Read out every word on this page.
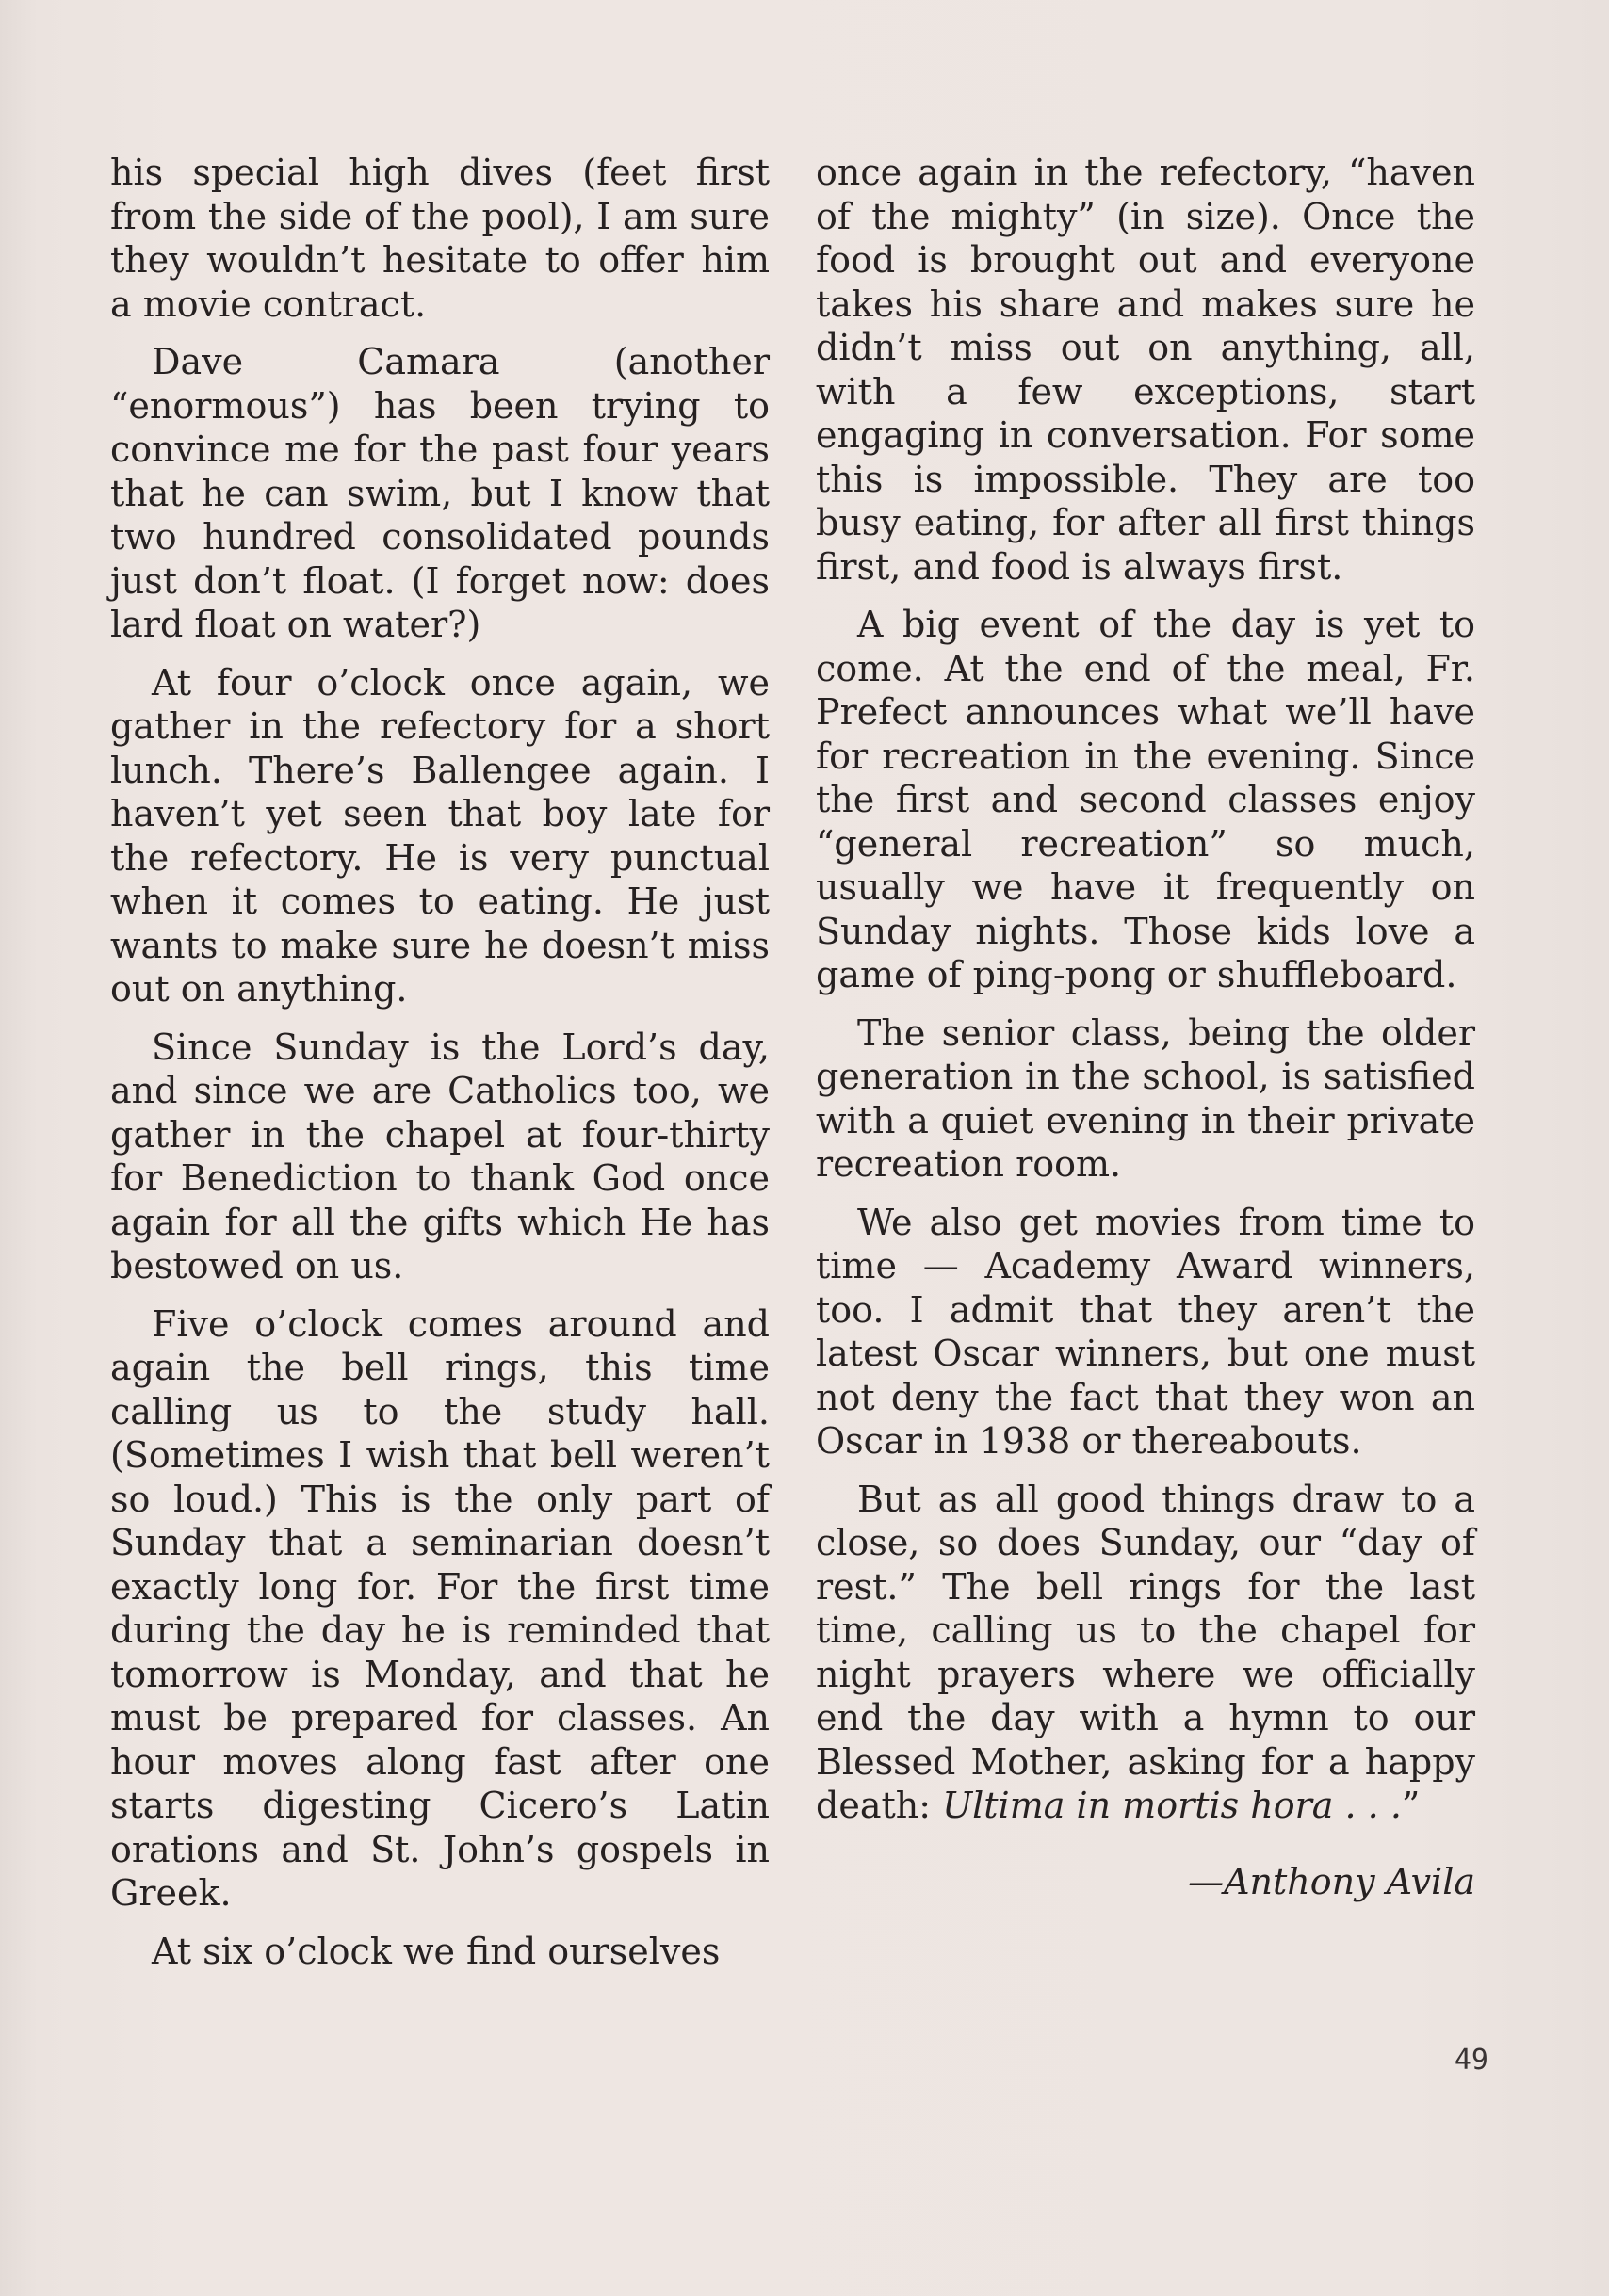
his special high dives (feet first from the side of the pool), I am sure they wouldn’t hesitate to offer him a movie contract.

Dave Camara (another “enormous”) has been trying to convince me for the past four years that he can swim, but I know that two hundred consolidated pounds just don’t float. (I forget now: does lard float on water?)

At four o’clock once again, we gather in the refectory for a short lunch. There’s Ballengee again. I haven’t yet seen that boy late for the refectory. He is very punctual when it comes to eating. He just wants to make sure he doesn’t miss out on anything.

Since Sunday is the Lord’s day, and since we are Catholics too, we gather in the chapel at four-thirty for Benediction to thank God once again for all the gifts which He has bestowed on us.

Five o’clock comes around and again the bell rings, this time calling us to the study hall. (Sometimes I wish that bell weren’t so loud.) This is the only part of Sunday that a seminarian doesn’t exactly long for. For the first time during the day he is reminded that tomorrow is Monday, and that he must be prepared for classes. An hour moves along fast after one starts digesting Cicero’s Latin orations and St. John’s gospels in Greek.

At six o’clock we find ourselves

once again in the refectory, “haven of the mighty” (in size). Once the food is brought out and everyone takes his share and makes sure he didn’t miss out on anything, all, with a few exceptions, start engaging in conversation. For some this is impossible. They are too busy eating, for after all first things first, and food is always first.

A big event of the day is yet to come. At the end of the meal, Fr. Prefect announces what we’ll have for recreation in the evening. Since the first and second classes enjoy “general recreation” so much, usually we have it frequently on Sunday nights. Those kids love a game of ping-pong or shuffleboard.

The senior class, being the older generation in the school, is satisfied with a quiet evening in their private recreation room.

We also get movies from time to time — Academy Award winners, too. I admit that they aren’t the latest Oscar winners, but one must not deny the fact that they won an Oscar in 1938 or thereabouts.

But as all good things draw to a close, so does Sunday, our “day of rest.” The bell rings for the last time, calling us to the chapel for night prayers where we officially end the day with a hymn to our Blessed Mother, asking for a happy death: Ultima in mortis hora . . .”

—Anthony Avila

49
